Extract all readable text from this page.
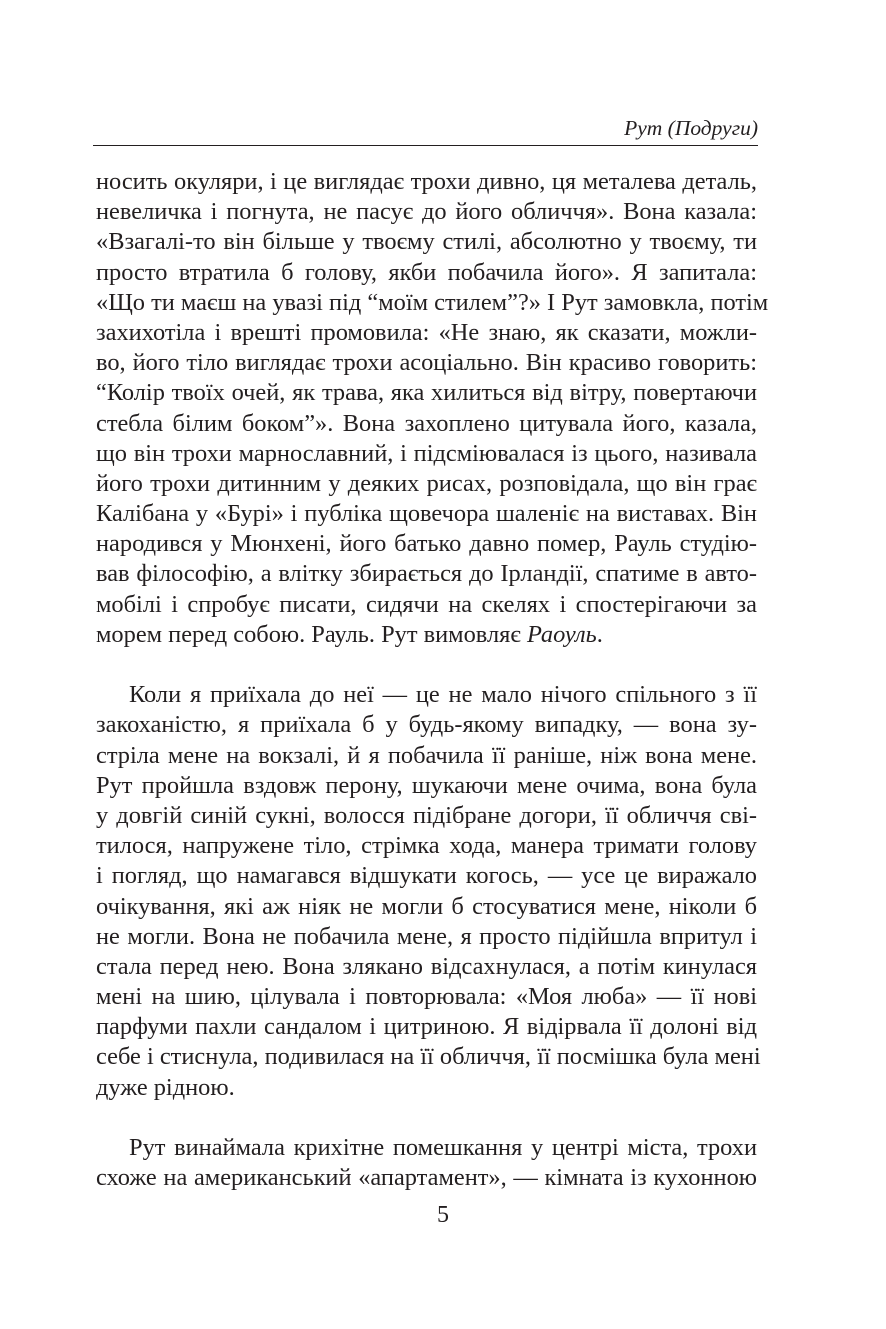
Рут (Подруги)
носить окуляри, і це виглядає трохи дивно, ця металева деталь,
невеличка і погнута, не пасує до його обличчя». Вона казала:
«Взагалі-то він більше у твоєму стилі, абсолютно у твоєму, ти
просто втратила б голову, якби побачила його». Я запитала:
«Що ти маєш на увазі під “моїм стилем”?» І Рут замовкла, потім
захихотіла і врешті промовила: «Не знаю, як сказати, можли-
во, його тіло виглядає трохи асоціально. Він красиво говорить:
“Колір твоїх очей, як трава, яка хилиться від вітру, повертаючи
стебла білим боком”». Вона захоплено цитувала його, казала,
що він трохи марнославний, і підсміювалася із цього, називала
його трохи дитинним у деяких рисах, розповідала, що він грає
Калібана у «Бурі» і публіка щовечора шаленіє на виставах. Він
народився у Мюнхені, його батько давно помер, Рауль студію-
вав філософію, а влітку збирається до Ірландії, спатиме в авто-
мобілі і спробує писати, сидячи на скелях і спостерігаючи за
морем перед собою. Рауль. Рут вимовляє Раоуль.
Коли я приїхала до неї — це не мало нічого спільного з її
закоханістю, я приїхала б у будь-якому випадку, — вона зу-
стріла мене на вокзалі, й я побачила її раніше, ніж вона мене.
Рут пройшла вздовж перону, шукаючи мене очима, вона була
у довгій синій сукні, волосся підібране догори, її обличчя сві-
тилося, напружене тіло, стрімка хода, манера тримати голову
і погляд, що намагався відшукати когось, — усе це виражало
очікування, які аж ніяк не могли б стосуватися мене, ніколи б
не могли. Вона не побачила мене, я просто підійшла впритул і
стала перед нею. Вона злякано відсахнулася, а потім кинулася
мені на шию, цілувала і повторювала: «Моя люба» — її нові
парфуми пахли сандалом і цитриною. Я відірвала її долоні від
себе і стиснула, подивилася на її обличчя, її посмішка була мені
дуже рідною.
Рут винаймала крихітне помешкання у центрі міста, трохи
схоже на американський «апартамент», — кімната із кухонною
5
